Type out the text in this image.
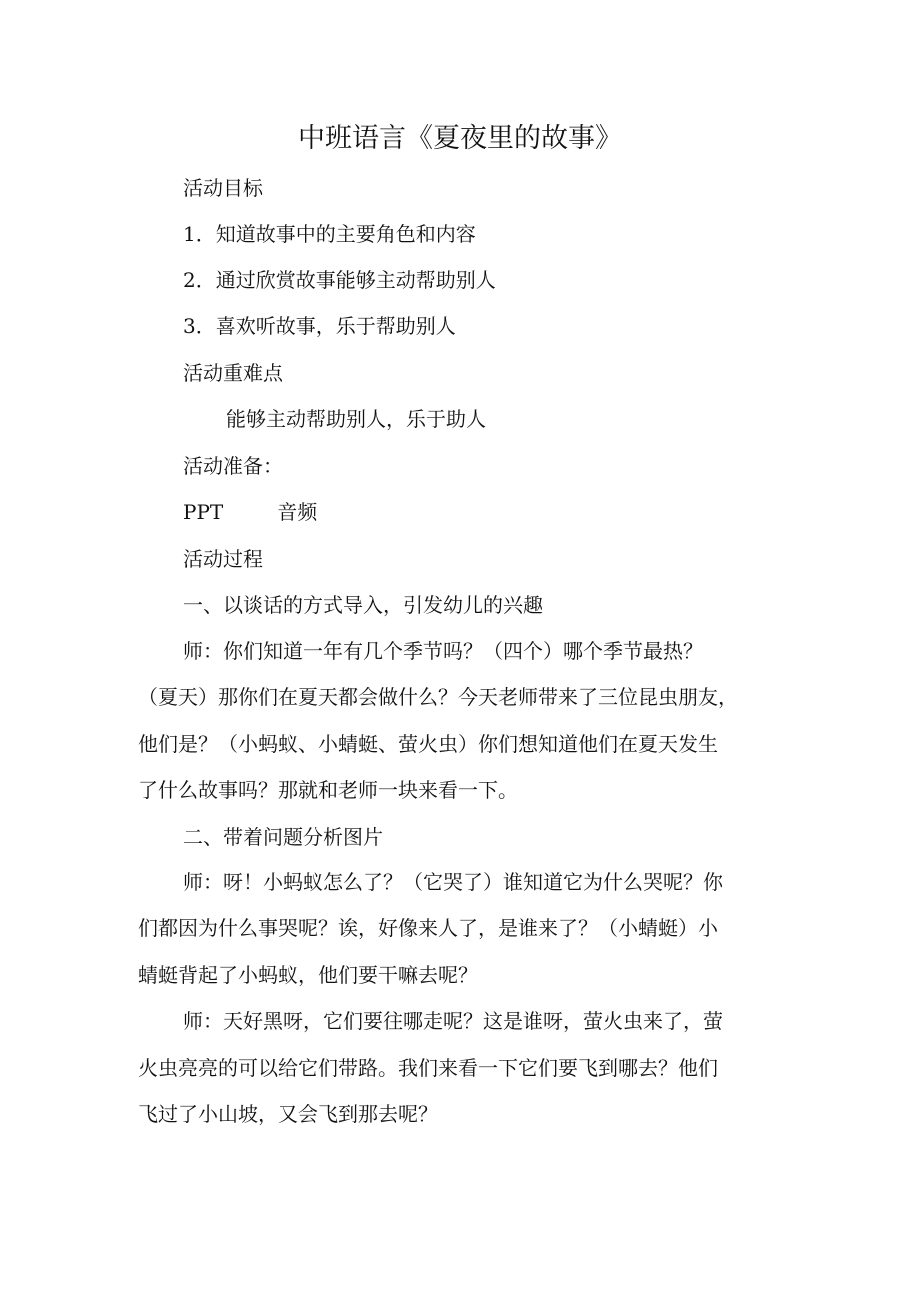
中班语言《夏夜里的故事》
活动目标
1．知道故事中的主要角色和内容
2．通过欣赏故事能够主动帮助别人
3．喜欢听故事，乐于帮助别人
活动重难点
能够主动帮助别人，乐于助人
活动准备：
PPT	音频
活动过程
一、以谈话的方式导入，引发幼儿的兴趣
师：你们知道一年有几个季节吗？（四个）哪个季节最热？
（夏天）那你们在夏天都会做什么？今天老师带来了三位昆虫朋友，
他们是？（小蚂蚁、小蜻蜓、萤火虫）你们想知道他们在夏天发生
了什么故事吗？那就和老师一块来看一下。
二、带着问题分析图片
师：呀！小蚂蚁怎么了？（它哭了）谁知道它为什么哭呢？你
们都因为什么事哭呢？诶，好像来人了，是谁来了？（小蜻蜓）小
蜻蜓背起了小蚂蚁，他们要干嘛去呢？
师：天好黑呀，它们要往哪走呢？这是谁呀，萤火虫来了，萤
火虫亮亮的可以给它们带路。我们来看一下它们要飞到哪去？他们
飞过了小山坡，又会飞到那去呢？
